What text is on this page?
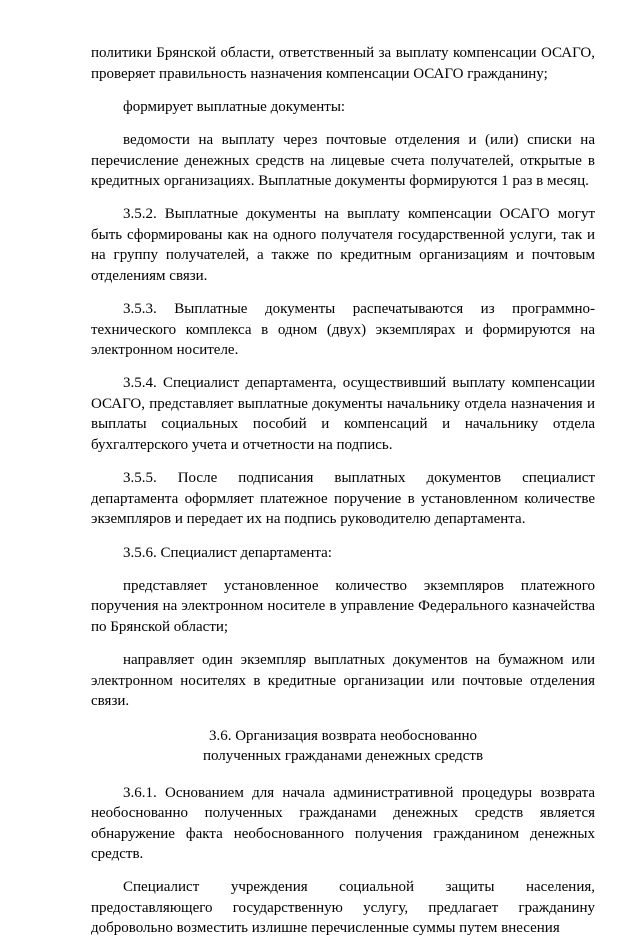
политики Брянской области, ответственный за выплату компенсации ОСАГО, проверяет правильность назначения компенсации ОСАГО гражданину;

формирует выплатные документы:

ведомости на выплату через почтовые отделения и (или) списки на перечисление денежных средств на лицевые счета получателей, открытые в кредитных организациях. Выплатные документы формируются 1 раз в месяц.

3.5.2. Выплатные документы на выплату компенсации ОСАГО могут быть сформированы как на одного получателя государственной услуги, так и на группу получателей, а также по кредитным организациям и почтовым отделениям связи.

3.5.3. Выплатные документы распечатываются из программно-технического комплекса в одном (двух) экземплярах и формируются на электронном носителе.

3.5.4. Специалист департамента, осуществивший выплату компенсации ОСАГО, представляет выплатные документы начальнику отдела назначения и выплаты социальных пособий и компенсаций и начальнику отдела бухгалтерского учета и отчетности на подпись.

3.5.5. После подписания выплатных документов специалист департамента оформляет платежное поручение в установленном количестве экземпляров и передает их на подпись руководителю департамента.

3.5.6. Специалист департамента:

представляет установленное количество экземпляров платежного поручения на электронном носителе в управление Федерального казначейства по Брянской области;

направляет один экземпляр выплатных документов на бумажном или электронном носителях в кредитные организации или почтовые отделения связи.

3.6. Организация возврата необоснованно
полученных гражданами денежных средств

3.6.1. Основанием для начала административной процедуры возврата необоснованно полученных гражданами денежных средств является обнаружение факта необоснованного получения гражданином денежных средств.

Специалист учреждения социальной защиты населения, предоставляющего государственную услугу, предлагает гражданину добровольно возместить излишне перечисленные суммы путем внесения
